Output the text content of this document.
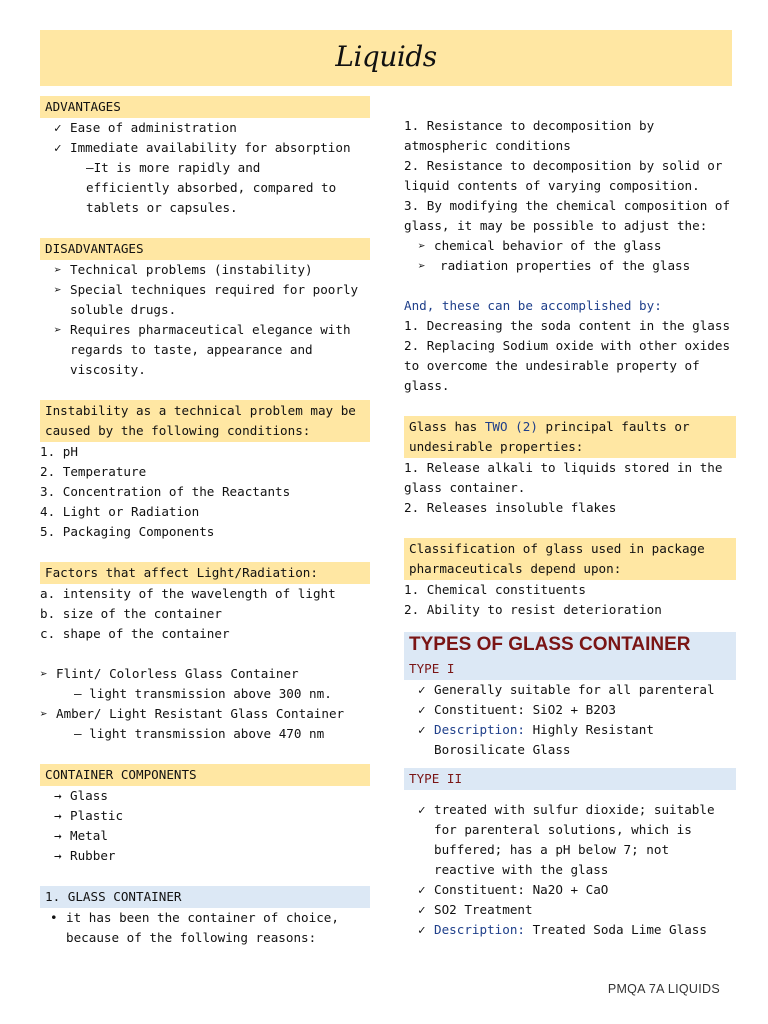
Liquids
ADVANTAGES
✓ Ease of administration
✓ Immediate availability for absorption
–It is more rapidly and efficiently absorbed, compared to tablets or capsules.
DISADVANTAGES
➢ Technical problems (instability)
➢ Special techniques required for poorly soluble drugs.
➢ Requires pharmaceutical elegance with regards to taste, appearance and viscosity.
Instability as a technical problem may be caused by the following conditions:
1. pH
2. Temperature
3. Concentration of the Reactants
4. Light or Radiation
5. Packaging Components
Factors that affect Light/Radiation:
a. intensity of the wavelength of light
b. size of the container
c. shape of the container
➢ Flint/ Colorless Glass Container
– light transmission above 300 nm.
➢ Amber/ Light Resistant Glass Container
– light transmission above 470 nm
CONTAINER COMPONENTS
→ Glass
→ Plastic
→ Metal
→ Rubber
1. GLASS CONTAINER
• it has been the container of choice, because of the following reasons:
1. Resistance to decomposition by atmospheric conditions
2. Resistance to decomposition by solid or liquid contents of varying composition.
3. By modifying the chemical composition of glass, it may be possible to adjust the:
➢ chemical behavior of the glass
➢	radiation properties of the glass
And, these can be accomplished by:
1. Decreasing the soda content in the glass
2. Replacing Sodium oxide with other oxides to overcome the undesirable property of glass.
Glass has TWO (2) principal faults or undesirable properties:
1. Release alkali to liquids stored in the glass container.
2. Releases insoluble flakes
Classification of glass used in package pharmaceuticals depend upon:
1. Chemical constituents
2. Ability to resist deterioration
TYPES OF GLASS CONTAINER
TYPE I
✓ Generally suitable for all parenteral
✓ Constituent: SiO2 + B2O3
✓ Description: Highly Resistant Borosilicate Glass
TYPE II
✓ treated with sulfur dioxide; suitable for parenteral solutions, which is buffered; has a pH below 7; not reactive with the glass
✓ Constituent: Na2O + CaO
✓ SO2 Treatment
✓ Description: Treated Soda Lime Glass
PMQA 7A LIQUIDS
